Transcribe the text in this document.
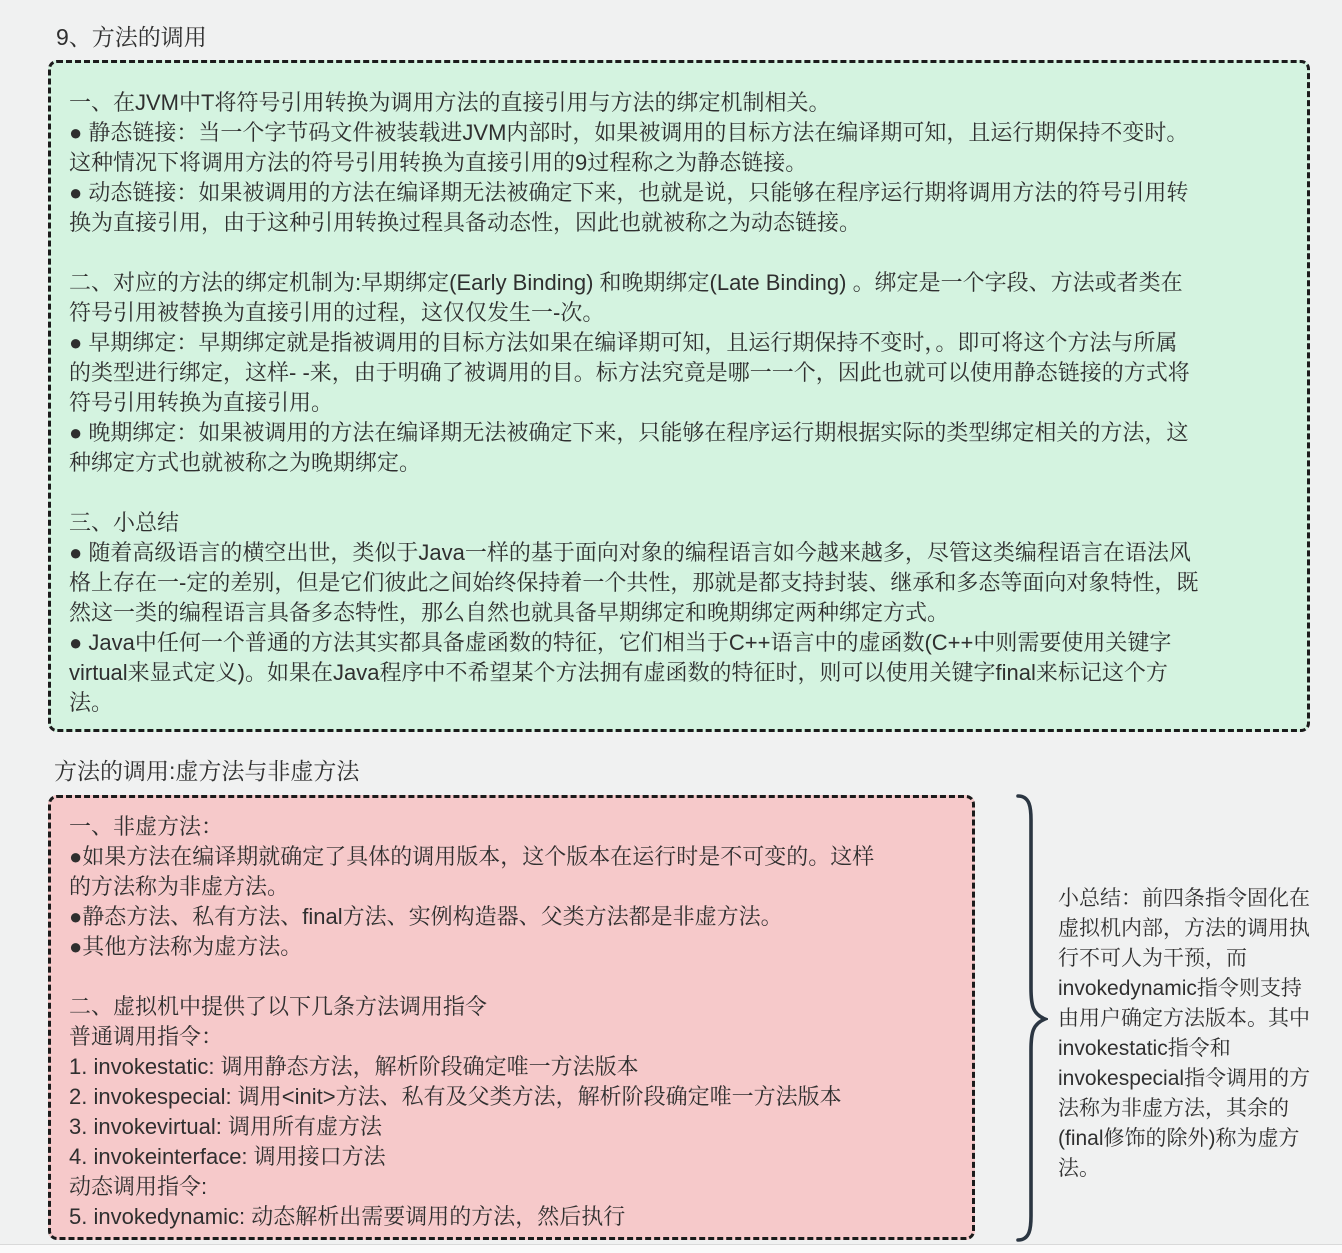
9、方法的调用
一、在JVM中T将符号引用转换为调用方法的直接引用与方法的绑定机制相关。
● 静态链接：当一个字节码文件被装载进JVM内部时，如果被调用的目标方法在编译期可知，且运行期保持不变时。
这种情况下将调用方法的符号引用转换为直接引用的9过程称之为静态链接。
● 动态链接：如果被调用的方法在编译期无法被确定下来，也就是说，只能够在程序运行期将调用方法的符号引用转
换为直接引用，由于这种引用转换过程具备动态性，因此也就被称之为动态链接。
二、对应的方法的绑定机制为:早期绑定(Early Binding) 和晚期绑定(Late Binding) 。绑定是一个字段、方法或者类在
符号引用被替换为直接引用的过程，这仅仅发生一-次。
● 早期绑定：早期绑定就是指被调用的目标方法如果在编译期可知，且运行期保持不变时，。即可将这个方法与所属
的类型进行绑定，这样- -来，由于明确了被调用的目。标方法究竟是哪一一个，因此也就可以使用静态链接的方式将
符号引用转换为直接引用。
● 晚期绑定：如果被调用的方法在编译期无法被确定下来，只能够在程序运行期根据实际的类型绑定相关的方法，这
种绑定方式也就被称之为晚期绑定。
三、小总结
● 随着高级语言的横空出世，类似于Java一样的基于面向对象的编程语言如今越来越多，尽管这类编程语言在语法风
格上存在一-定的差别，但是它们彼此之间始终保持着一个共性，那就是都支持封装、继承和多态等面向对象特性，既
然这一类的编程语言具备多态特性，那么自然也就具备早期绑定和晚期绑定两种绑定方式。
● Java中任何一个普通的方法其实都具备虚函数的特征，它们相当于C++语言中的虚函数(C++中则需要使用关键字
virtual来显式定义)。如果在Java程序中不希望某个方法拥有虚函数的特征时，则可以使用关键字final来标记这个方
法。
方法的调用:虚方法与非虚方法
一、非虚方法：
●如果方法在编译期就确定了具体的调用版本，这个版本在运行时是不可变的。这样
的方法称为非虚方法。
●静态方法、私有方法、final方法、实例构造器、父类方法都是非虚方法。
●其他方法称为虚方法。
二、虚拟机中提供了以下几条方法调用指令
普通调用指令：
1. invokestatic: 调用静态方法，解析阶段确定唯一方法版本
2. invokespecial: 调用<init>方法、私有及父类方法，解析阶段确定唯一方法版本
3. invokevirtual: 调用所有虚方法
4. invokeinterface: 调用接口方法
动态调用指令:
5. invokedynamic: 动态解析出需要调用的方法，然后执行
小总结：前四条指令固化在虚拟机内部，方法的调用执行不可人为干预，而invokedynamic指令则支持由用户确定方法版本。其中invokestatic指令和invokespecial指令调用的方法称为非虚方法，其余的(final修饰的除外)称为虚方法。
